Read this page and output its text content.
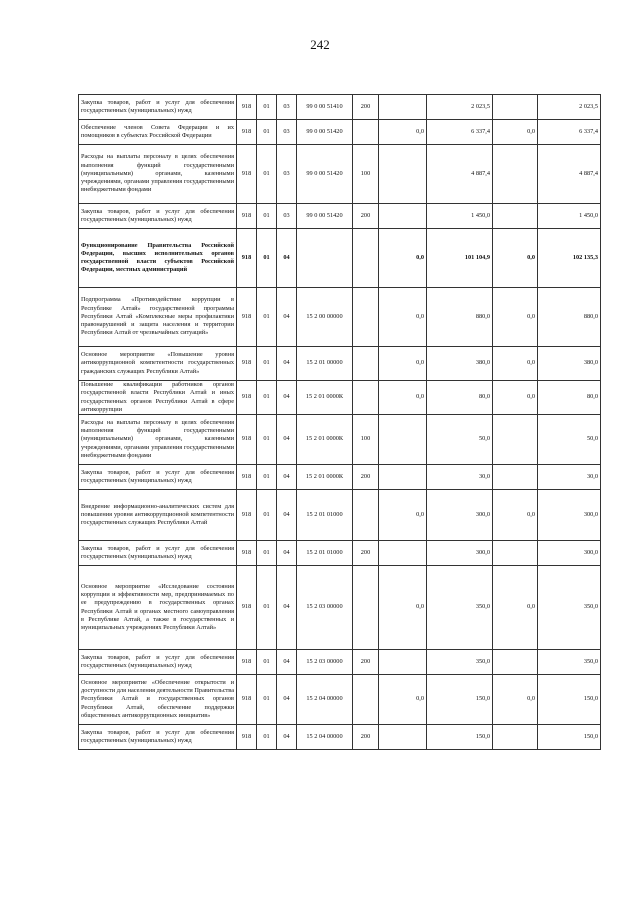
242
Закупка товаров, работ и услуг для обеспечения государственных (муниципальных) нужд	918	01	03	99 0 00 51410	200		2 023,5		2 023,5
Обеспечение членов Совета Федерации и их помощников в субъектах Российской Федерации	918	01	03	99 0 00 51420		0,0	6 337,4	0,0	6 337,4
Расходы на выплаты персоналу в целях обеспечения выполнения функций государственными (муниципальными) органами, казенными учреждениями, органами управления государственными внебюджетными фондами	918	01	03	99 0 00 51420	100		4 887,4		4 887,4
Закупка товаров, работ и услуг для обеспечения государственных (муниципальных) нужд	918	01	03	99 0 00 51420	200		1 450,0		1 450,0
Функционирование Правительства Российской Федерации, высших исполнительных органов государственной власти субъектов Российской Федерации, местных администраций	918	01	04			0,0	101 104,9	0,0	102 135,3
Подпрограмма «Противодействие коррупции в Республике Алтай» государственной программы Республики Алтай «Комплексные меры профилактики правонарушений и защита населения и территории Республики Алтай от чрезвычайных ситуаций»	918	01	04	15 2 00 00000		0,0	880,0	0,0	880,0
Основное мероприятие «Повышение уровня антикоррупционной компетентности государственных гражданских служащих Республики Алтай»	918	01	04	15 2 01 00000		0,0	380,0	0,0	380,0
Повышение квалификации работников органов государственной власти Республики Алтай и иных государственных органов Республики Алтай в сфере антикоррупции	918	01	04	15 2 01 0000К		0,0	80,0	0,0	80,0
Расходы на выплаты персоналу в целях обеспечения выполнения функций государственными (муниципальными) органами, казенными учреждениями, органами управления государственными внебюджетными фондами	918	01	04	15 2 01 0000К	100		50,0		50,0
Закупка товаров, работ и услуг для обеспечения государственных (муниципальных) нужд	918	01	04	15 2 01 0000К	200		30,0		30,0
Внедрение информационно-аналитических систем для повышения уровня антикоррупционной компетентности государственных служащих Республики Алтай	918	01	04	15 2 01 01000		0,0	300,0	0,0	300,0
Закупка товаров, работ и услуг для обеспечения государственных (муниципальных) нужд	918	01	04	15 2 01 01000	200		300,0		300,0
Основное мероприятие «Исследование состояния коррупции и эффективности мер, предпринимаемых по ее предупреждению в государственных органах Республики Алтай и органах местного самоуправления в Республике Алтай, а также в государственных и муниципальных учреждениях Республики Алтай»	918	01	04	15 2 03 00000		0,0	350,0	0,0	350,0
Закупка товаров, работ и услуг для обеспечения государственных (муниципальных) нужд	918	01	04	15 2 03 00000	200		350,0		350,0
Основное мероприятие «Обеспечение открытости и доступности для населения деятельности Правительства Республики Алтай и государственных органов Республики Алтай, обеспечение поддержки общественных антикоррупционных инициатив»	918	01	04	15 2 04 00000		0,0	150,0	0,0	150,0
Закупка товаров, работ и услуг для обеспечения государственных (муниципальных) нужд	918	01	04	15 2 04 00000	200		150,0		150,0
